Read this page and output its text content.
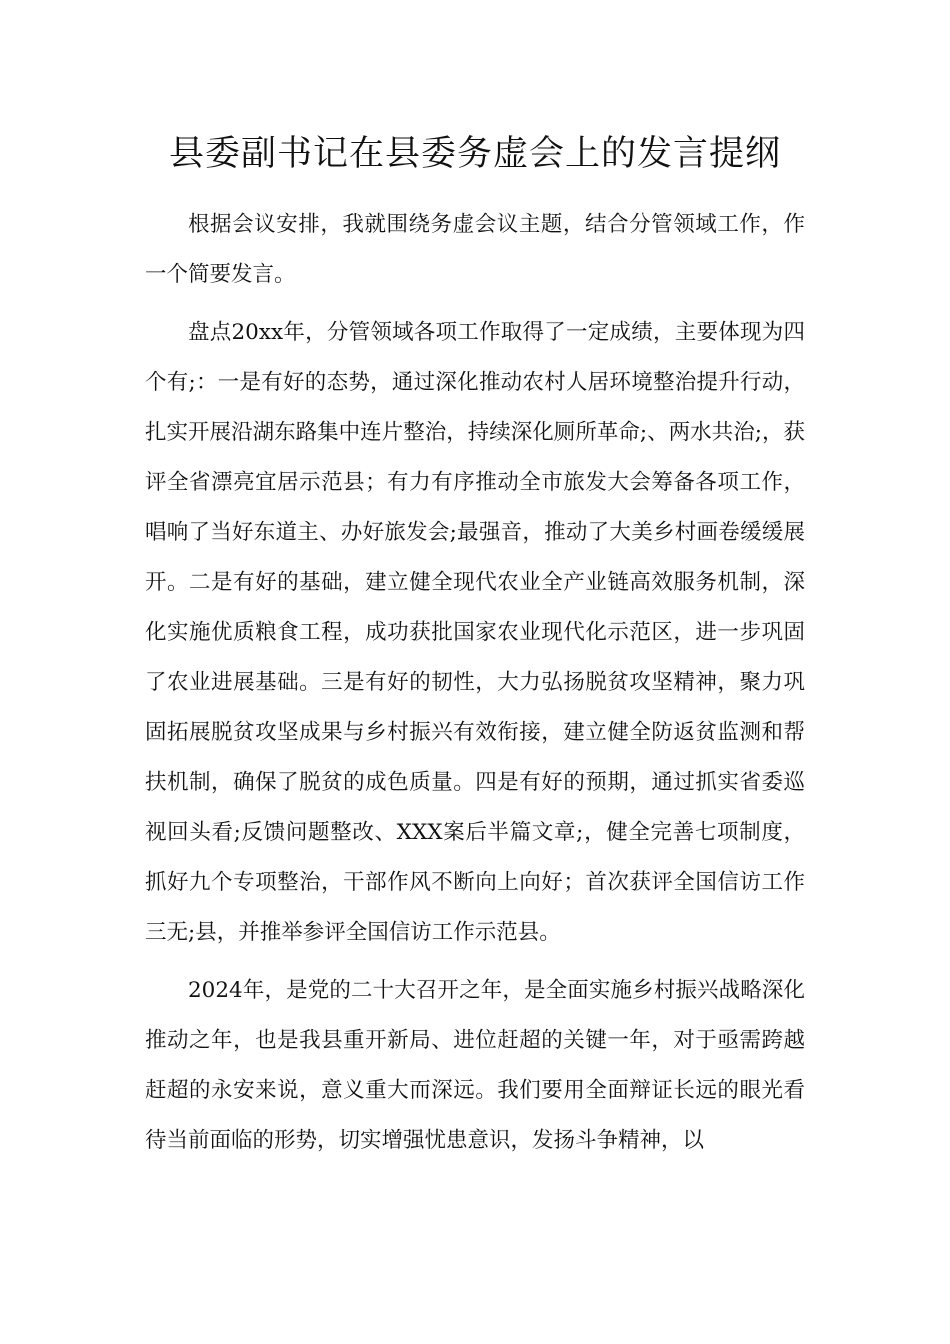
县委副书记在县委务虚会上的发言提纲

根据会议安排，我就围绕务虚会议主题，结合分管领域工作，作一个简要发言。

盘点20xx年，分管领域各项工作取得了一定成绩，主要体现为四个有;：一是有好的态势，通过深化推动农村人居环境整治提升行动，扎实开展沿湖东路集中连片整治，持续深化厕所革命;、两水共治;，获评全省漂亮宜居示范县；有力有序推动全市旅发大会筹备各项工作，唱响了当好东道主、办好旅发会;最强音，推动了大美乡村画卷缓缓展开。二是有好的基础，建立健全现代农业全产业链高效服务机制，深化实施优质粮食工程，成功获批国家农业现代化示范区，进一步巩固了农业进展基础。三是有好的韧性，大力弘扬脱贫攻坚精神，聚力巩固拓展脱贫攻坚成果与乡村振兴有效衔接，建立健全防返贫监测和帮扶机制，确保了脱贫的成色质量。四是有好的预期，通过抓实省委巡视回头看;反馈问题整改、XXX案后半篇文章;，健全完善七项制度，抓好九个专项整治，干部作风不断向上向好；首次获评全国信访工作三无;县，并推举参评全国信访工作示范县。

2024年，是党的二十大召开之年，是全面实施乡村振兴战略深化推动之年，也是我县重开新局、进位赶超的关键一年，对于亟需跨越赶超的永安来说，意义重大而深远。我们要用全面辩证长远的眼光看待当前面临的形势，切实增强忧患意识，发扬斗争精神，以
